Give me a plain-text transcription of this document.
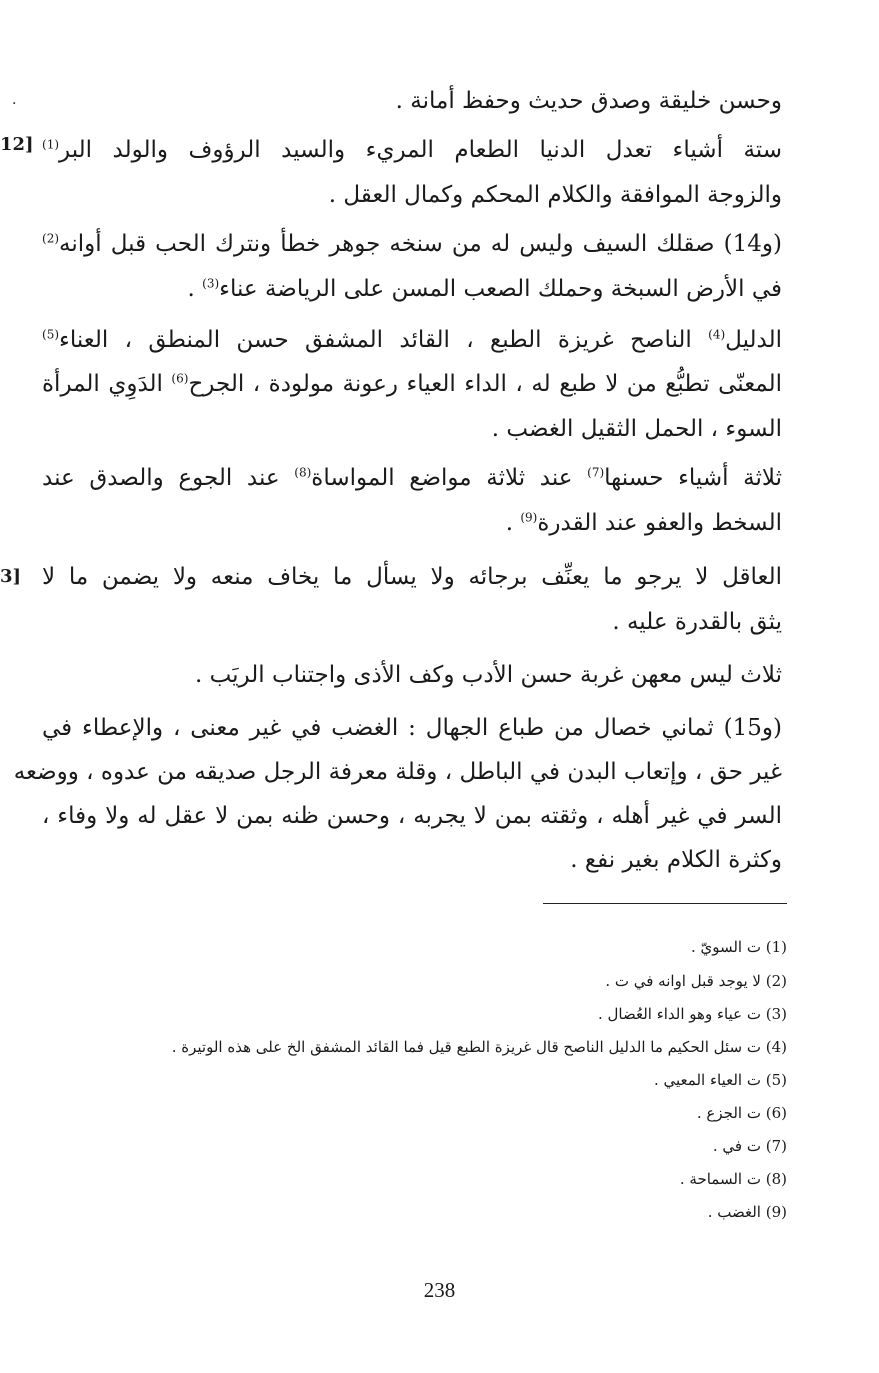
.
12]
3]
وحسن خليقة وصدق حديث وحفظ أمانة .
ستة أشياء تعدل الدنيا الطعام المريء والسيد الرؤوف والولد البر$^{(1)}$
والزوجة الموافقة والكلام المحكم وكمال العقل .
(و14) صقلك السيف وليس له من سنخه جوهر خطأ ونترك الحب قبل أوانه$^{(2)}$
في الأرض السبخة وحملك الصعب المسن على الرياضة عناء$^{(3)}$ .
الدليل$^{(4)}$ الناصح غريزة الطبع ، القائد المشفق حسن المنطق ، العناء$^{(5)}$
المعنّى تطبُّع من لا طبع له ، الداء العياء رعونة مولودة ، الجرح$^{(6)}$ الدَوِي المرأة
السوء ، الحمل الثقيل الغضب .
ثلاثة أشياء حسنها$^{(7)}$ عند ثلاثة مواضع المواساة$^{(8)}$ عند الجوع والصدق عند
السخط والعفو عند القدرة$^{(9)}$ .
العاقل لا يرجو ما يعنِّف برجائه ولا يسأل ما يخاف منعه ولا يضمن ما لا
يثق بالقدرة عليه .
ثلاث ليس معهن غربة حسن الأدب وكف الأذى واجتناب الريَب .
(و15) ثماني خصال من طباع الجهال : الغضب في غير معنى ، والإعطاء في
غير حق ، وإتعاب البدن في الباطل ، وقلة معرفة الرجل صديقه من عدوه ، ووضعه
السر في غير أهله ، وثقته بمن لا يجربه ، وحسن ظنه بمن لا عقل له ولا وفاء ،
وكثرة الكلام بغير نفع .
(1) ت السويّ .
(2) لا يوجد قبل اوانه في ت .
(3) ت عياء وهو الداء العُضال .
(4) ت سئل الحكيم ما الدليل الناصح قال غريزة الطبع قيل فما القائد المشفق الخ على هذه الوتيرة .
(5) ت العياء المعيي .
(6) ت الجزع .
(7) ت في .
(8) ت السماحة .
(9) الغضب .
238
